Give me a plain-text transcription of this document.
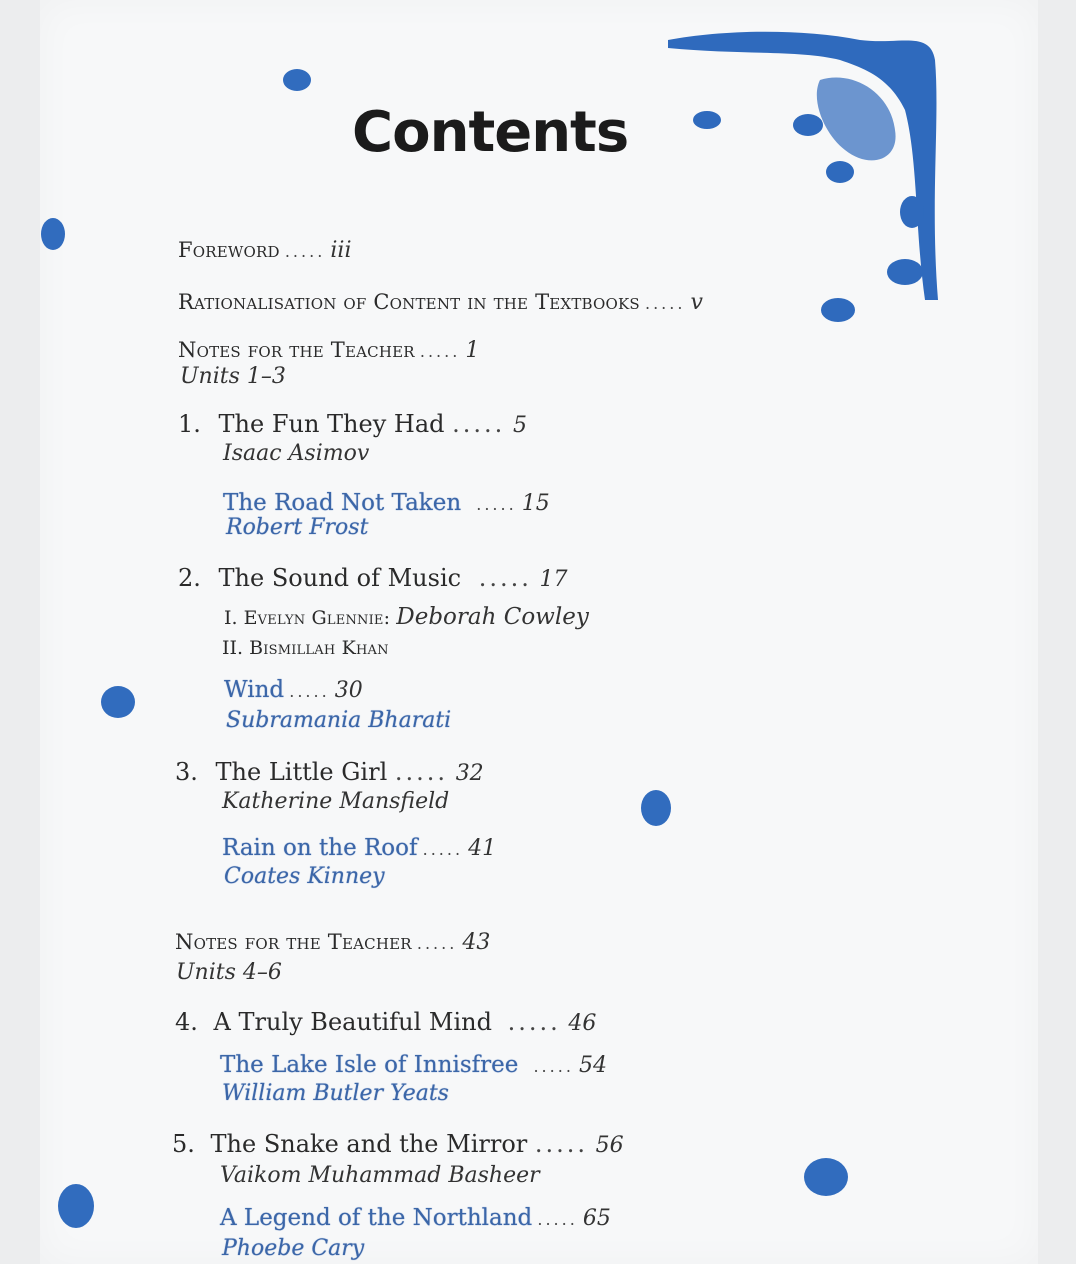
Contents
Foreword ..... iii
Rationalisation of Content in the Textbooks ..... v
Notes for the Teacher ..... 1
Units 1–3
1. The Fun They Had ..... 5
Isaac Asimov
The Road Not Taken ..... 15
Robert Frost
2. The Sound of Music ..... 17
I. Evelyn Glennie: Deborah Cowley
II. Bismillah Khan
Wind ..... 30
Subramania Bharati
3. The Little Girl ..... 32
Katherine Mansfield
Rain on the Roof ..... 41
Coates Kinney
Notes for the Teacher ..... 43
Units 4–6
4. A Truly Beautiful Mind ..... 46
The Lake Isle of Innisfree ..... 54
William Butler Yeats
5. The Snake and the Mirror ..... 56
Vaikom Muhammad Basheer
A Legend of the Northland ..... 65
Phoebe Cary
